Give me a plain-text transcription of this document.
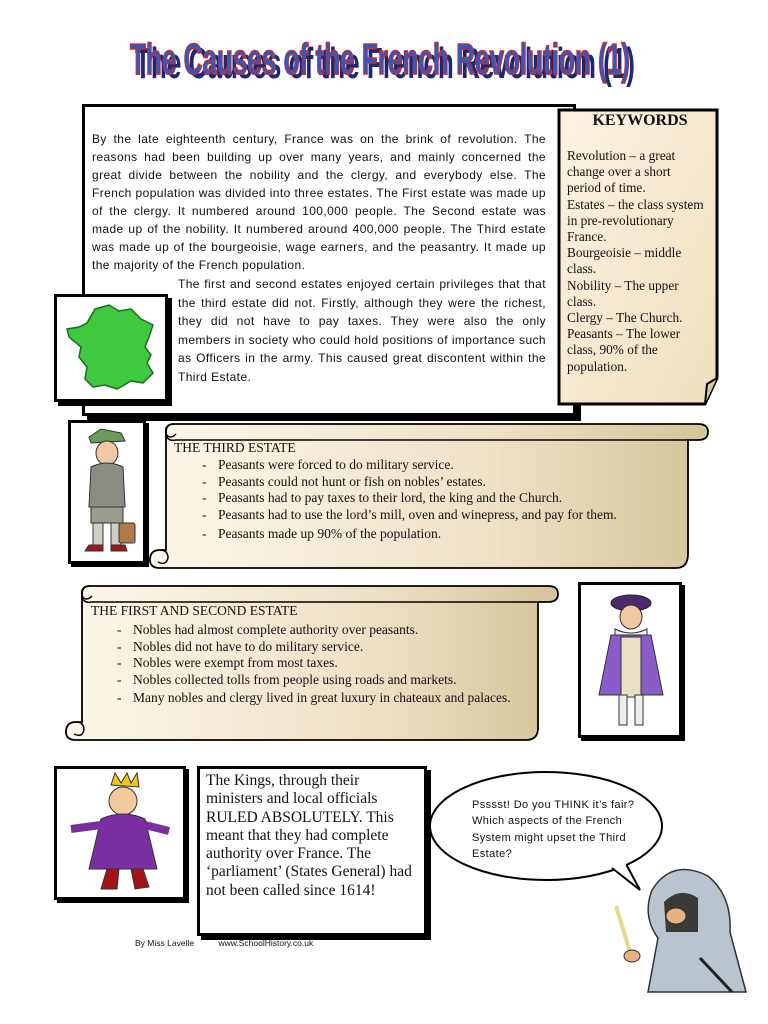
The Causes of the French Revolution (1)
The Causes of the French Revolution (1)
By the late eighteenth century, France was on the brink of revolution. The reasons had been building up over many years, and mainly concerned the great divide between the nobility and the clergy, and everybody else. The French population was divided into three estates. The First estate was made up of the clergy. It numbered around 100,000 people. The Second estate was made up of the nobility. It numbered around 400,000 people. The Third estate was made up of the bourgeoisie, wage earners, and the peasantry. It made up the majority of the French population.
The first and second estates enjoyed certain privileges that that the third estate did not. Firstly, although they were the richest, they did not have to pay taxes. They were also the only members in society who could hold positions of importance such as Officers in the army. This caused great discontent within the Third Estate.
KEYWORDS
Revolution – a great change over a short period of time.
Estates – the class system in pre-revolutionary France.
Bourgeoisie – middle class.
Nobility – The upper class.
Clergy – The Church.
Peasants – The lower class, 90% of the population.
THE THIRD ESTATE
- Peasants were forced to do military service.
- Peasants could not hunt or fish on nobles’ estates.
- Peasants had to pay taxes to their lord, the king and the Church.
- Peasants had to use the lord’s mill, oven and winepress, and pay for them.
- Peasants made up 90% of the population.
THE FIRST AND SECOND ESTATE
- Nobles had almost complete authority over peasants.
- Nobles did not have to do military service.
- Nobles were exempt from most taxes.
- Nobles collected tolls from people using roads and markets.
- Many nobles and clergy lived in great luxury in chateaux and palaces.
The Kings, through their ministers and local officials RULED ABSOLUTELY. This meant that they had complete authority over France. The ‘parliament’ (States General) had not been called since 1614!
Psssst! Do you THINK it’s fair? Which aspects of the French System might upset the Third Estate?
By Miss Lavelle	www.SchoolHistory.co.uk
